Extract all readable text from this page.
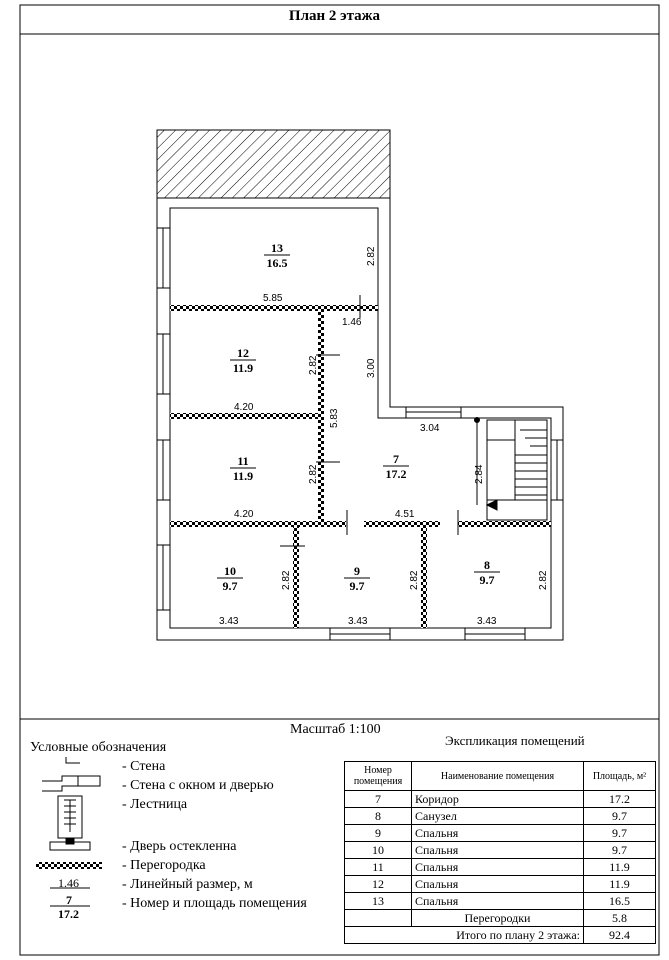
13
16.5
12
11.9
11
11.9
7
17.2
10
9.7
9
9.7
8
9.7
2.82
5.85
1.46
3.00
2.82
5.83
4.20
3.04
2.82	2.84
4.20	4.51
2.82	2.82	2.82
3.43	3.43	3.43
План 2 этажа
Масштаб 1:100
Условные обозначения
- Стена
- Стена с окном и дверью
- Лестница
- Дверь остекленна
- Перегородка
- Линейный размер, м
- Номер и площадь помещения
1.46
7
17.2
Экспликация помещений
Номер помещения	Наименование помещения	Площадь, м²
7	Коридор	17.2
8	Санузел	9.7
9	Спальня	9.7
10	Спальня	9.7
11	Спальня	11.9
12	Спальня	11.9
13	Спальня	16.5
	Перегородки	5.8
Итого по плану 2 этажа:		92.4
